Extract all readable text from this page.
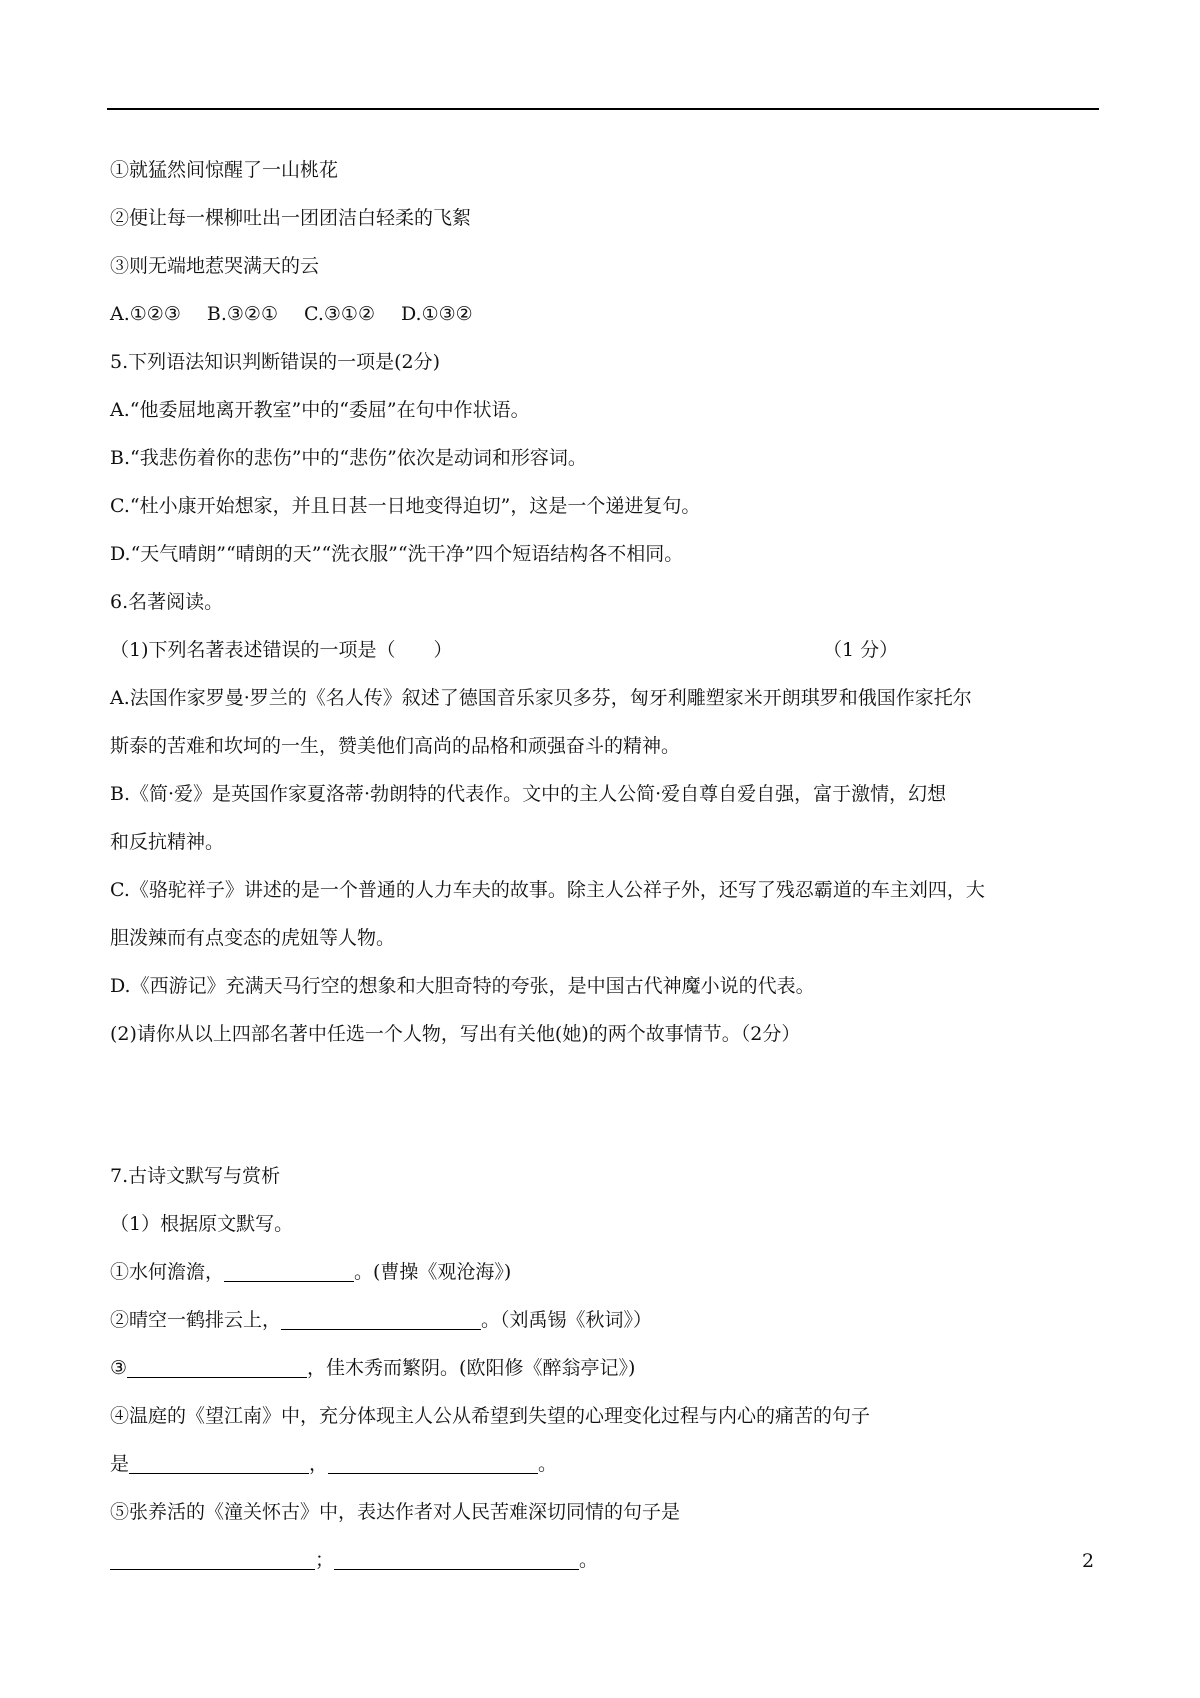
①就猛然间惊醒了一山桃花
②便让每一棵柳吐出一团团洁白轻柔的飞絮
③则无端地惹哭满天的云
A.①②③ B.③②① C.③①② D.①③②
5.下列语法知识判断错误的一项是(2分)
A.“他委屈地离开教室”中的“委屈”在句中作状语。
B.“我悲伤着你的悲伤”中的“悲伤”依次是动词和形容词。
C.“杜小康开始想家，并且日甚一日地变得迫切”，这是一个递进复句。
D.“天气晴朗”“晴朗的天”“洗衣服”“洗干净”四个短语结构各不相同。
6.名著阅读。
（1)下列名著表述错误的一项是（　　）	（1 分）
A.法国作家罗曼·罗兰的《名人传》叙述了德国音乐家贝多芬，匈牙利雕塑家米开朗琪罗和俄国作家托尔
斯泰的苦难和坎坷的一生，赞美他们高尚的品格和顽强奋斗的精神。
B.《简·爱》是英国作家夏洛蒂·勃朗特的代表作。文中的主人公简·爱自尊自爱自强，富于激情，幻想
和反抗精神。
C.《骆驼祥子》讲述的是一个普通的人力车夫的故事。除主人公祥子外，还写了残忍霸道的车主刘四，大
胆泼辣而有点变态的虎妞等人物。
D.《西游记》充满天马行空的想象和大胆奇特的夸张，是中国古代神魔小说的代表。
(2)请你从以上四部名著中任选一个人物，写出有关他(她)的两个故事情节。（2分）
7.古诗文默写与赏析
（1）根据原文默写。
①水何澹澹，	。(曹操《观沧海》)
②晴空一鹤排云上，	。（刘禹锡《秋词》）
③	，佳木秀而繁阴。(欧阳修《醉翁亭记》)
④温庭的《望江南》中，充分体现主人公从希望到失望的心理变化过程与内心的痛苦的句子
是	，	。
⑤张养活的《潼关怀古》中，表达作者对人民苦难深切同情的句子是
；	。	2
